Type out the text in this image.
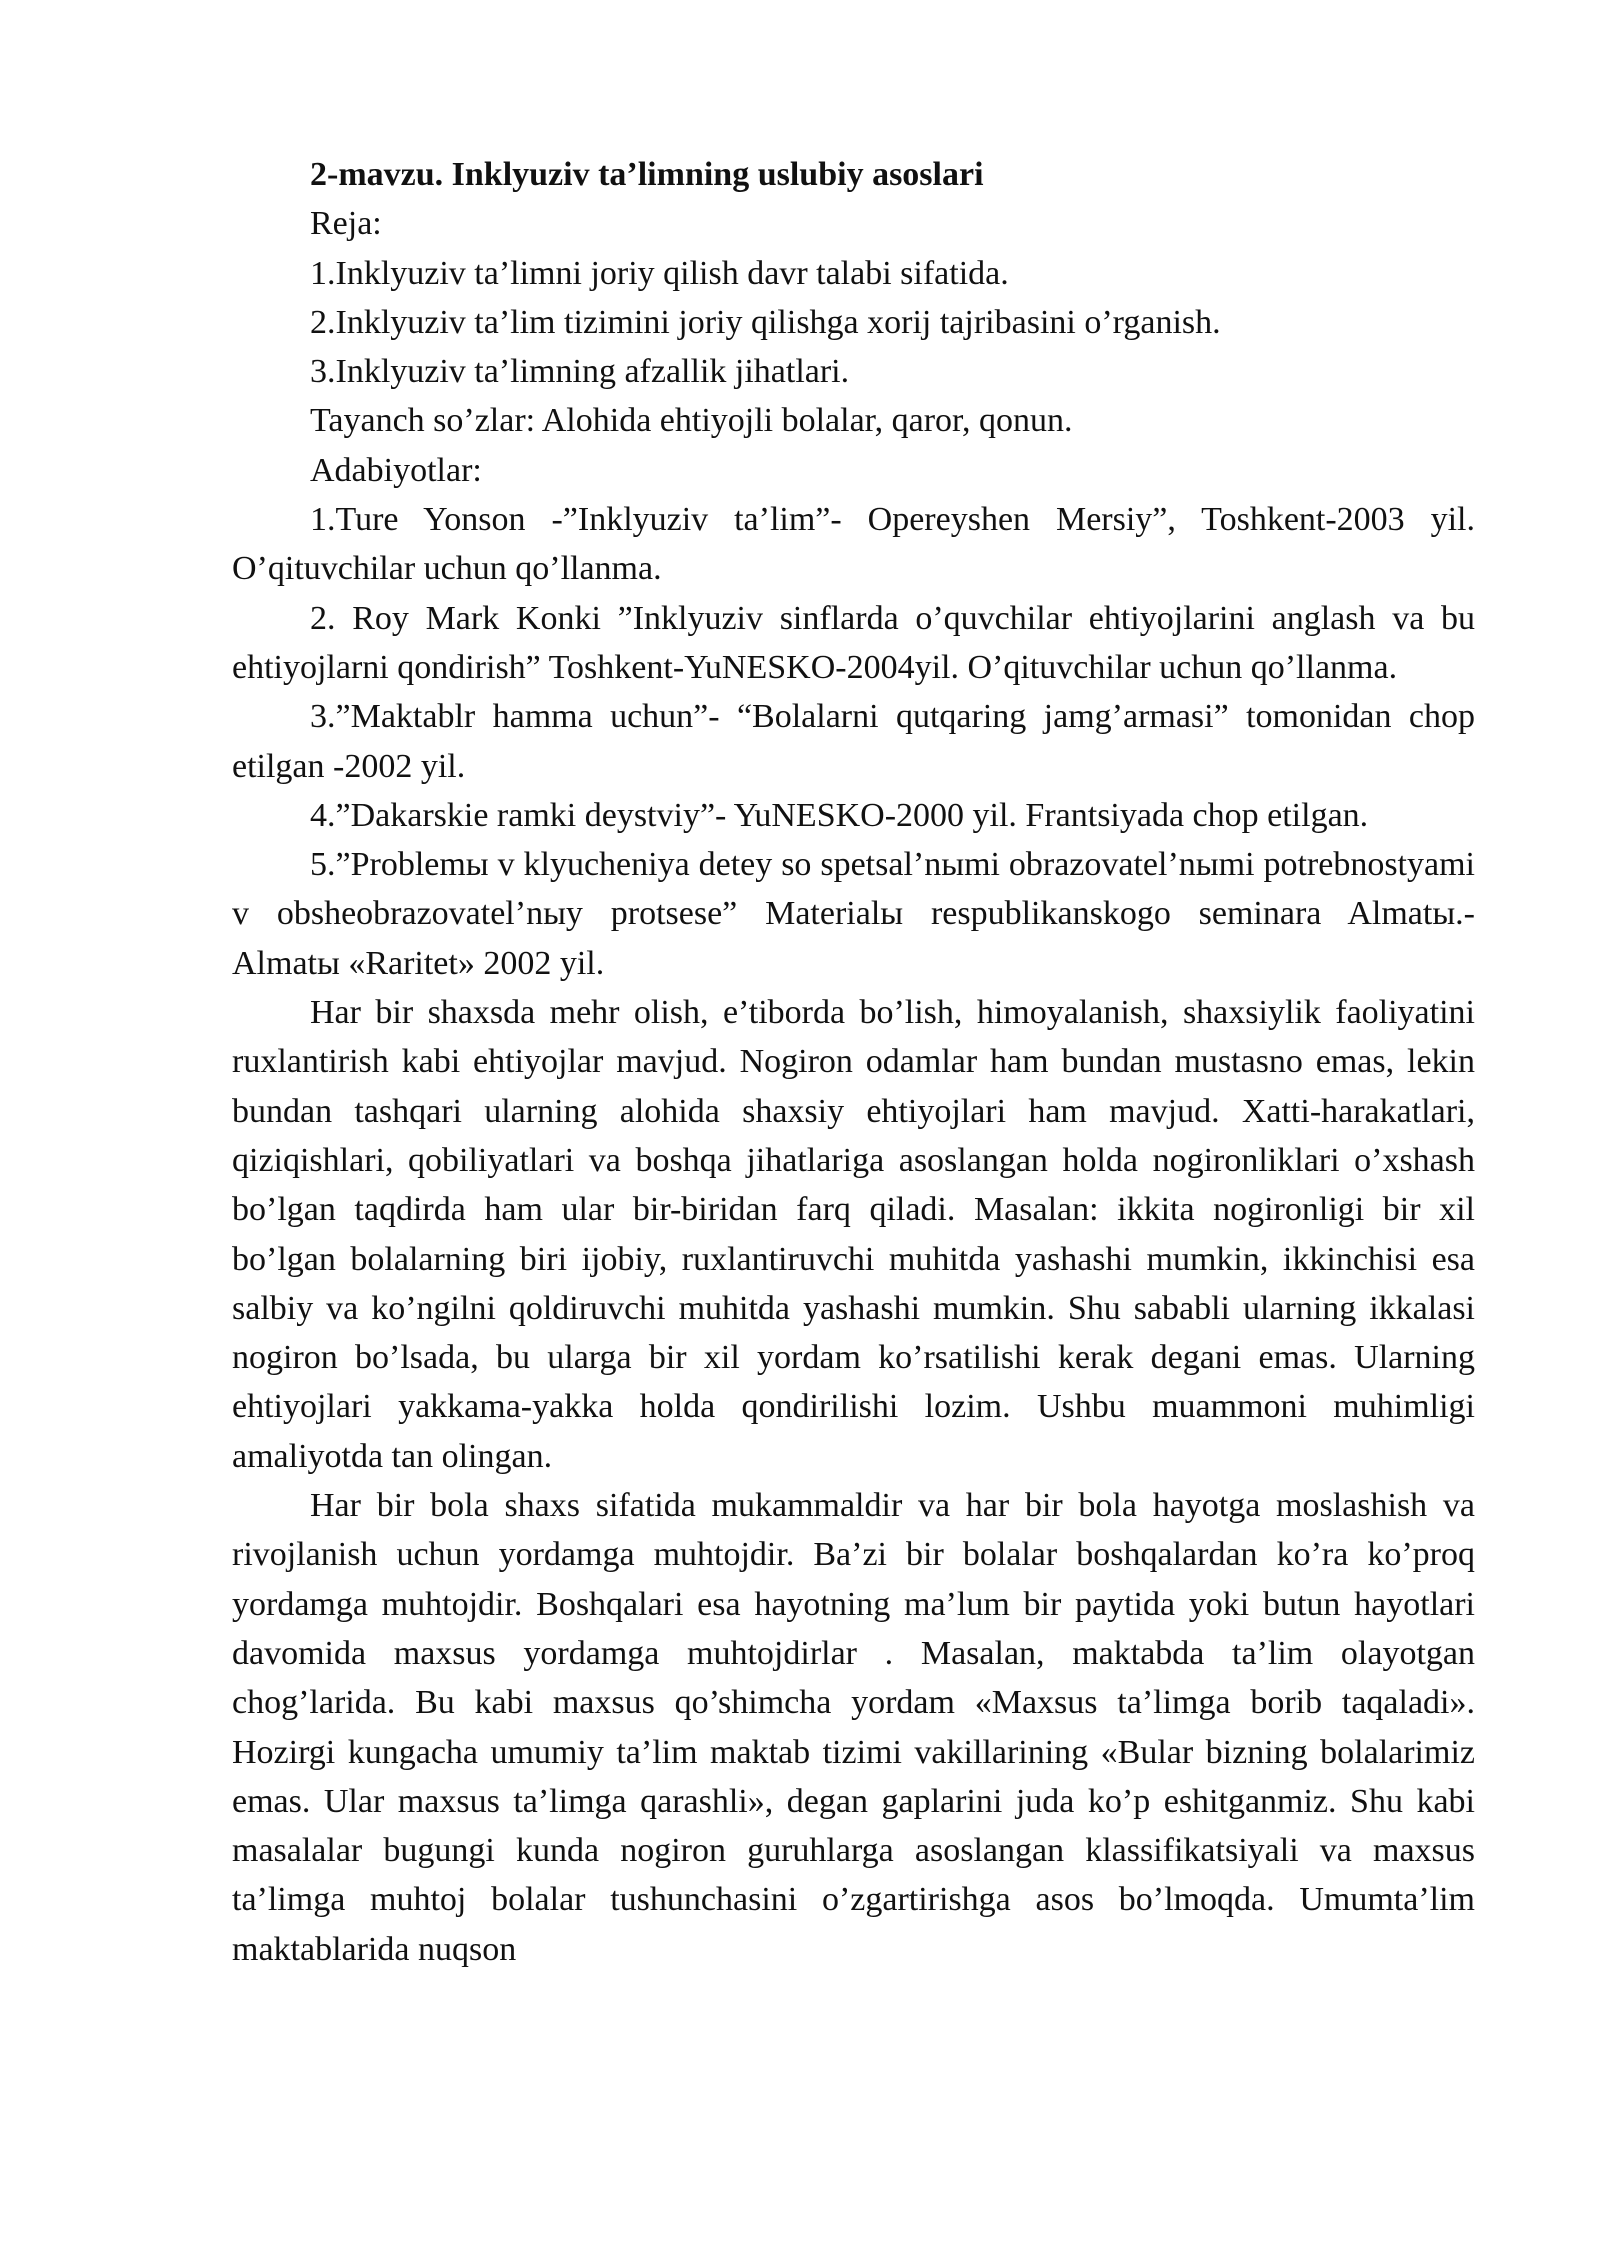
2-mavzu. Inklyuziv ta’limning uslubiy asoslari

Reja:

1.Inklyuziv ta’limni joriy qilish davr talabi sifatida.

2.Inklyuziv ta’lim tizimini joriy qilishga xorij tajribasini o’rganish.

3.Inklyuziv ta’limning afzallik jihatlari.

Tayanch so’zlar: Alohida ehtiyojli bolalar, qaror, qonun.

Adabiyotlar:

1.Ture Yonson -”Inklyuziv ta’lim”- Opereyshen Mersiy”, Toshkent-2003 yil. O’qituvchilar uchun qo’llanma.

2. Roy Mark Konki ”Inklyuziv sinflarda o’quvchilar ehtiyojlarini anglash va bu ehtiyojlarni qondirish” Toshkent-YuNESKO-2004yil. O’qituvchilar uchun qo’llanma.

3.”Maktablr hamma uchun”- “Bolalarni qutqaring jamg’armasi” tomonidan chop etilgan -2002 yil.

4.”Dakarskie ramki deystviy”- YuNESKO-2000 yil. Frantsiyada chop etilgan.

5.”Problemы v klyucheniya detey so spetsal’nыmi obrazovatel’nыmi potrebnostyami v obsheobrazovatel’nыy protsese” Materialы respublikanskogo seminara Almatы.- Almatы «Raritet» 2002 yil.

Har bir shaxsda mehr olish, e’tiborda bo’lish, himoyalanish, shaxsiylik faoliyatini ruxlantirish kabi ehtiyojlar mavjud. Nogiron odamlar ham bundan mustasno emas, lekin bundan tashqari ularning alohida shaxsiy ehtiyojlari ham mavjud. Xatti-harakatlari, qiziqishlari, qobiliyatlari va boshqa jihatlariga asoslangan holda nogironliklari o’xshash bo’lgan taqdirda ham ular bir-biridan farq qiladi. Masalan: ikkita nogironligi bir xil bo’lgan bolalarning biri ijobiy, ruxlantiruvchi muhitda yashashi mumkin, ikkinchisi esa salbiy va ko’ngilni qoldiruvchi muhitda yashashi mumkin. Shu sababli ularning ikkalasi nogiron bo’lsada, bu ularga bir xil yordam ko’rsatilishi kerak degani emas. Ularning ehtiyojlari yakkama-yakka holda qondirilishi lozim. Ushbu muammoni muhimligi amaliyotda tan olingan.

Har bir bola shaxs sifatida mukammaldir va har bir bola hayotga moslashish va rivojlanish uchun yordamga muhtojdir. Ba’zi bir bolalar boshqalardan ko’ra ko’proq yordamga muhtojdir. Boshqalari esa hayotning ma’lum bir paytida yoki butun hayotlari davomida maxsus yordamga muhtojdirlar . Masalan, maktabda ta’lim olayotgan chog’larida. Bu kabi maxsus qo’shimcha yordam «Maxsus ta’limga borib taqaladi». Hozirgi kungacha umumiy ta’lim maktab tizimi vakillarining «Bular bizning bolalarimiz emas. Ular maxsus ta’limga qarashli», degan gaplarini juda ko’p eshitganmiz. Shu kabi masalalar bugungi kunda nogiron guruhlarga asoslangan klassifikatsiyali va maxsus ta’limga muhtoj bolalar tushunchasini o’zgartirishga asos bo’lmoqda. Umumta’lim maktablarida nuqson
